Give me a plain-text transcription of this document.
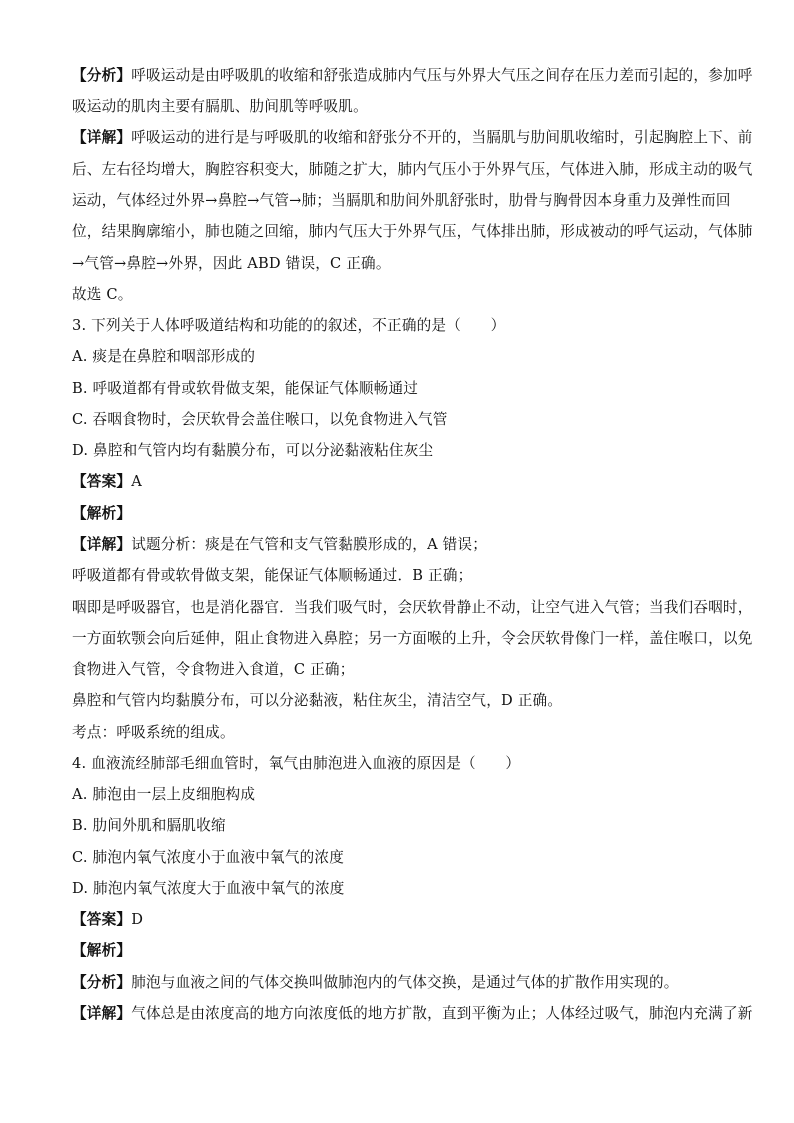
【分析】呼吸运动是由呼吸肌的收缩和舒张造成肺内气压与外界大气压之间存在压力差而引起的，参加呼
吸运动的肌肉主要有膈肌、肋间肌等呼吸肌。
【详解】呼吸运动的进行是与呼吸肌的收缩和舒张分不开的，当膈肌与肋间肌收缩时，引起胸腔上下、前
后、左右径均增大，胸腔容积变大，肺随之扩大，肺内气压小于外界气压，气体进入肺，形成主动的吸气
运动，气体经过外界→鼻腔→气管→肺；当膈肌和肋间外肌舒张时，肋骨与胸骨因本身重力及弹性而回
位，结果胸廓缩小，肺也随之回缩，肺内气压大于外界气压，气体排出肺，形成被动的呼气运动，气体肺
→气管→鼻腔→外界，因此 ABD 错误，C 正确。
故选 C。
3. 下列关于人体呼吸道结构和功能的的叙述，不正确的是（　　）
A. 痰是在鼻腔和咽部形成的
B. 呼吸道都有骨或软骨做支架，能保证气体顺畅通过
C. 吞咽食物时，会厌软骨会盖住喉口，以免食物进入气管
D. 鼻腔和气管内均有黏膜分布，可以分泌黏液粘住灰尘
【答案】A
【解析】
【详解】试题分析：痰是在气管和支气管黏膜形成的，A 错误；
呼吸道都有骨或软骨做支架，能保证气体顺畅通过．B 正确；
咽即是呼吸器官，也是消化器官．当我们吸气时，会厌软骨静止不动，让空气进入气管；当我们吞咽时，
一方面软颚会向后延伸，阻止食物进入鼻腔；另一方面喉的上升，令会厌软骨像门一样，盖住喉口，以免
食物进入气管，令食物进入食道，C 正确；
鼻腔和气管内均黏膜分布，可以分泌黏液，粘住灰尘，清洁空气，D 正确。
考点：呼吸系统的组成。
4. 血液流经肺部毛细血管时，氧气由肺泡进入血液的原因是（　　）
A. 肺泡由一层上皮细胞构成
B. 肋间外肌和膈肌收缩
C. 肺泡内氧气浓度小于血液中氧气的浓度
D. 肺泡内氧气浓度大于血液中氧气的浓度
【答案】D
【解析】
【分析】肺泡与血液之间的气体交换叫做肺泡内的气体交换，是通过气体的扩散作用实现的。
【详解】气体总是由浓度高的地方向浓度低的地方扩散，直到平衡为止；人体经过吸气，肺泡内充满了新
